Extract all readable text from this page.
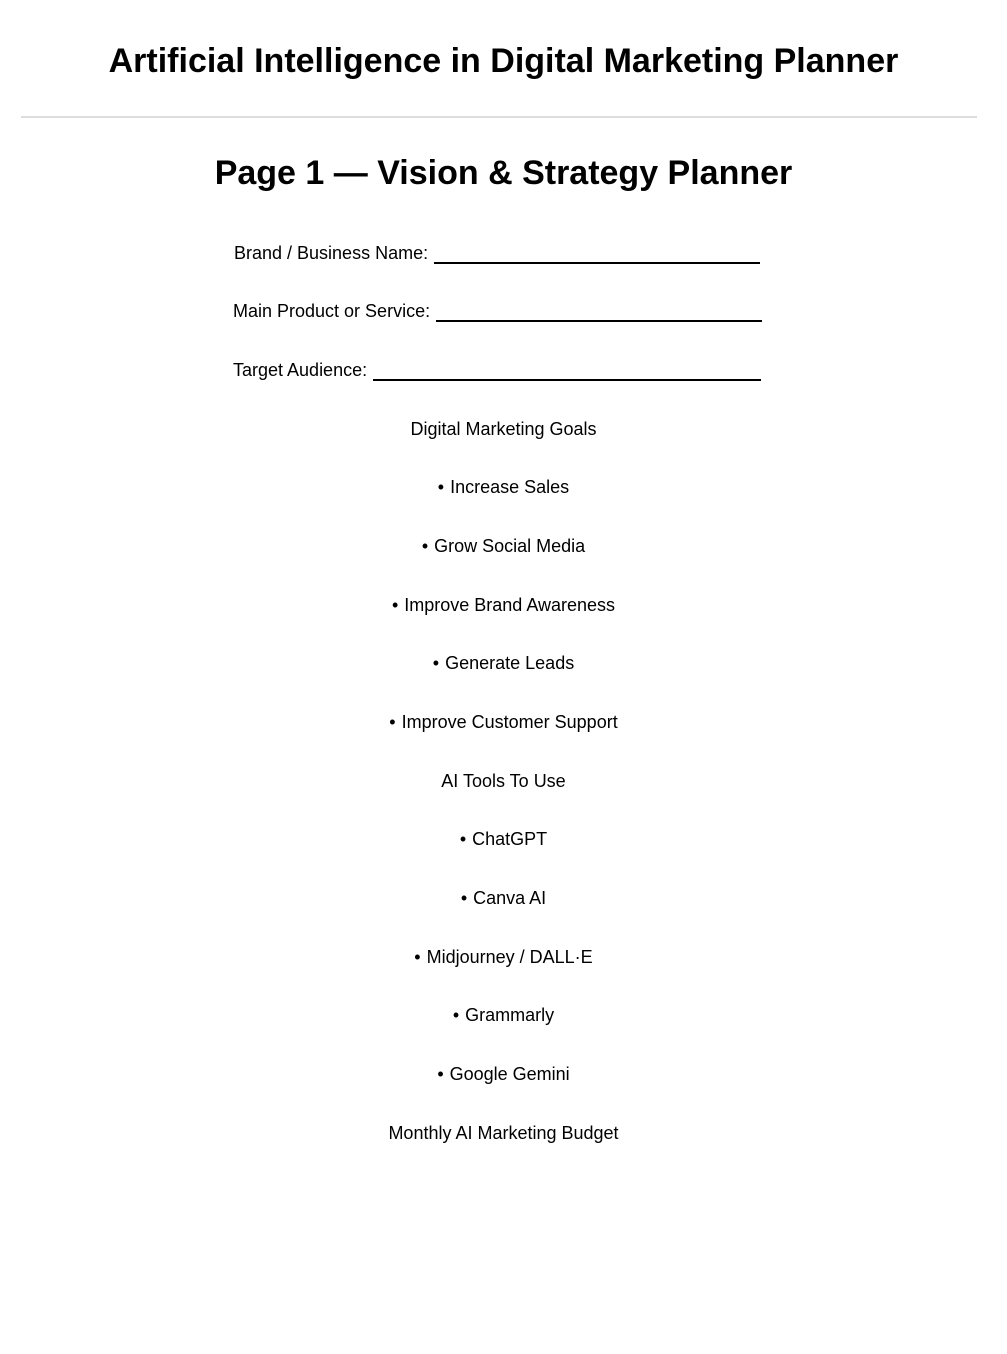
Artificial Intelligence in Digital Marketing Planner
Page 1 — Vision & Strategy Planner
Brand / Business Name:
Main Product or Service:
Target Audience:
Digital Marketing Goals
• Increase Sales
• Grow Social Media
• Improve Brand Awareness
• Generate Leads
• Improve Customer Support
AI Tools To Use
• ChatGPT
• Canva AI
• Midjourney / DALL·E
• Grammarly
• Google Gemini
Monthly AI Marketing Budget
